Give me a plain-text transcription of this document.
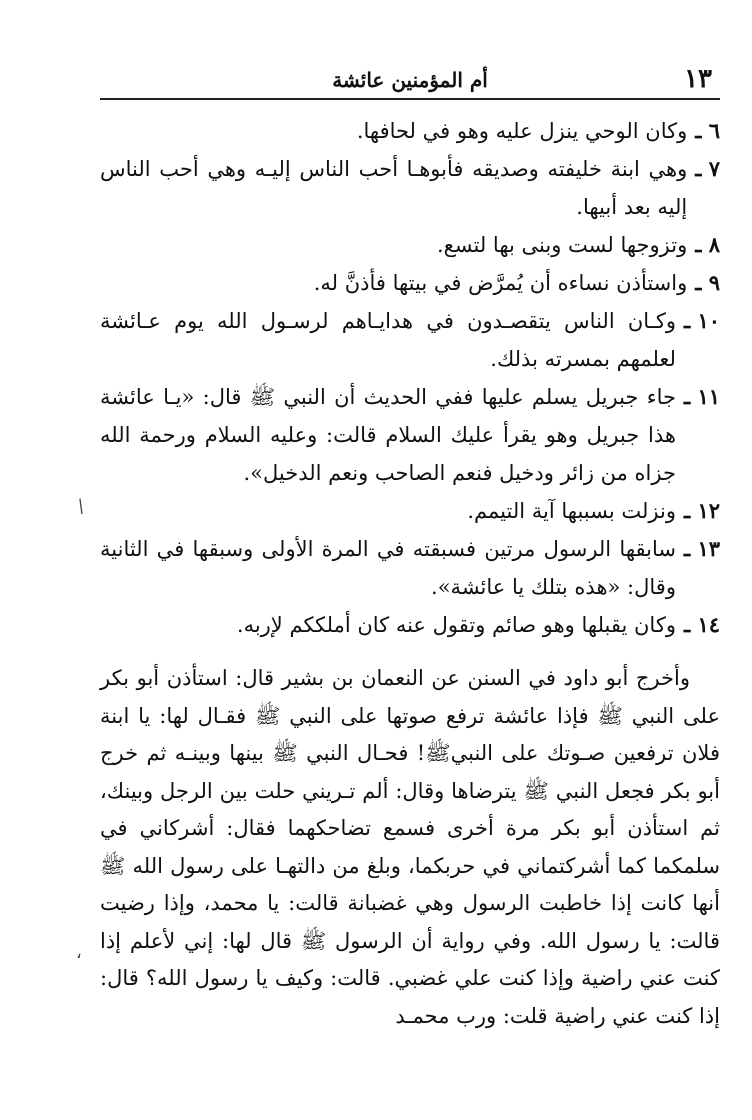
١٣
أم المؤمنين عائشة
٦ ـ
وكان الوحي ينزل عليه وهو في لحافها.
٧ ـ
وهي ابنة خليفته وصديقه فأبوهـا أحب الناس إليـه وهي أحب الناس إليه بعد أبيها.
٨ ـ
وتزوجها لست وبنى بها لتسع.
٩ ـ
واستأذن نساءه أن يُمرَّض في بيتها فأذنَّ له.
١٠ ـ
وكـان الناس يتقصـدون في هدايـاهم لرسـول الله يوم عـائشة لعلمهم بمسرته بذلك.
١١ ـ
جاء جبريل يسلم عليها ففي الحديث أن النبي ﷺ قال: «يـا عائشة هذا جبريل وهو يقرأ عليك السلام قالت: وعليه السلام ورحمة الله جزاه من زائر ودخيل فنعم الصاحب ونعم الدخيل».
١٢ ـ
ونزلت بسببها آية التيمم.
١٣ ـ
سابقها الرسول مرتين فسبقته في المرة الأولى وسبقها في الثانية وقال: «هذه بتلك يا عائشة».
١٤ ـ
وكان يقبلها وهو صائم وتقول عنه كان أملككم لإربه.

وأخرج أبو داود في السنن عن النعمان بن بشير قال: استأذن أبو بكر على النبي ﷺ فإذا عائشة ترفع صوتها على النبي ﷺ فقـال لها: يا ابنة فلان ترفعين صـوتك على النبيﷺ! فحـال النبي ﷺ بينها وبينـه ثم خرج أبو بكر فجعل النبي ﷺ يترضاها وقال: ألم تـريني حلت بين الرجل وبينك، ثم استأذن أبو بكر مرة أخرى فسمع تضاحكهما فقال: أشركاني في سلمكما كما أشركتماني في حربكما، وبلغ من دالتهـا على رسول الله ﷺ أنها كانت إذا خاطبت الرسول وهي غضبانة قالت: يا محمد، وإذا رضيت قالت: يا رسول الله. وفي رواية أن الرسول ﷺ قال لها: إني لأعلم إذا كنت عني راضية وإذا كنت علي غضبي. قالت: وكيف يا رسول الله؟ قال: إذا كنت عني راضية قلت: ورب محمـد

/
،
